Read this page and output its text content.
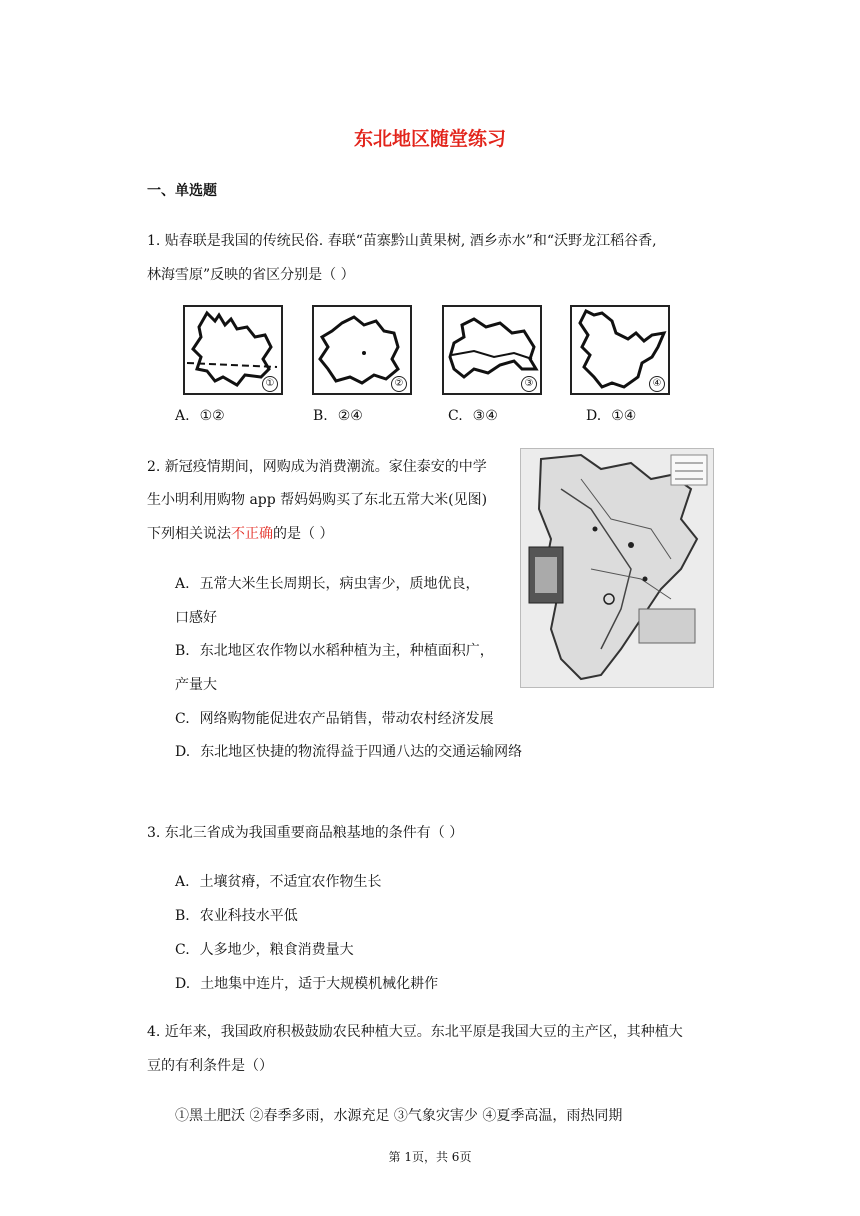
东北地区随堂练习
一、单选题
1. 贴春联是我国的传统民俗. 春联“苗寨黔山黄果树, 酒乡赤水”和“沃野龙江稻谷香,
林海雪原”反映的省区分别是（ ）
①	②	③	④
A. ①②	B. ②④	C. ③④	D. ①④
2. 新冠疫情期间，网购成为消费潮流。家住泰安的中学
生小明利用购物 app 帮妈妈购买了东北五常大米(见图)
下列相关说法不正确的是（ ）
A. 五常大米生长周期长，病虫害少，质地优良，
口感好
B. 东北地区农作物以水稻种植为主，种植面积广，
产量大
C. 网络购物能促进农产品销售，带动农村经济发展
D. 东北地区快捷的物流得益于四通八达的交通运输网络
3. 东北三省成为我国重要商品粮基地的条件有（ ）
A. 土壤贫瘠，不适宜农作物生长
B. 农业科技水平低
C. 人多地少，粮食消费量大
D. 土地集中连片，适于大规模机械化耕作
4. 近年来，我国政府积极鼓励农民种植大豆。东北平原是我国大豆的主产区，其种植大
豆的有利条件是（）
①黑土肥沃 ②春季多雨，水源充足 ③气象灾害少 ④夏季高温，雨热同期
第 1页，共 6页
